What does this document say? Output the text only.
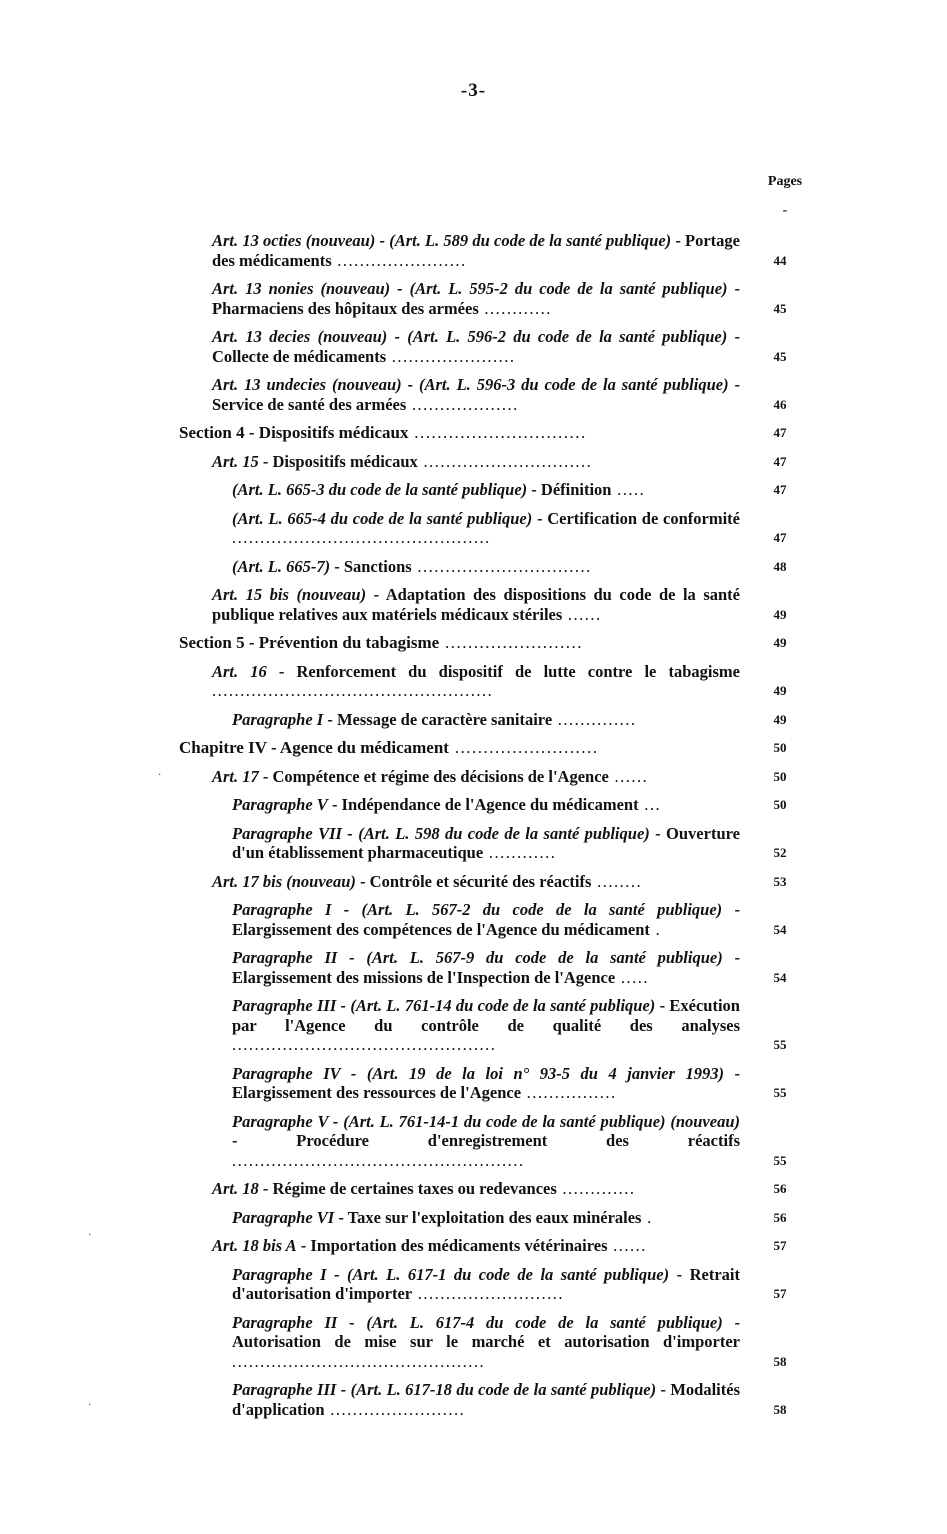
-3-
Pages
-
Art. 13 octies (nouveau) - (Art. L. 589 du code de la santé publique) - Portage des médicaments .......................	44
Art. 13 nonies (nouveau) - (Art. L. 595-2 du code de la santé publique) - Pharmaciens des hôpitaux des armées ............	45
Art. 13 decies (nouveau) - (Art. L. 596-2 du code de la santé publique) - Collecte de médicaments ......................	45
Art. 13 undecies (nouveau) - (Art. L. 596-3 du code de la santé publique) - Service de santé des armées ...................	46
Section 4 - Dispositifs médicaux ..............................	47
Art. 15 - Dispositifs médicaux ..............................	47
(Art. L. 665-3 du code de la santé publique) - Définition .....	47
(Art. L. 665-4 du code de la santé publique) - Certification de conformité ..............................................	47
(Art. L. 665-7) - Sanctions ...............................	48
Art. 15 bis (nouveau) - Adaptation des dispositions du code de la santé publique relatives aux matériels médicaux stériles ......	49
Section 5 - Prévention du tabagisme ........................	49
Art. 16 - Renforcement du dispositif de lutte contre le tabagisme ..................................................	49
Paragraphe I - Message de caractère sanitaire ..............	49
Chapitre IV - Agence du médicament .........................	50
Art. 17 - Compétence et régime des décisions de l'Agence ......	50
Paragraphe V - Indépendance de l'Agence du médicament ...	50
Paragraphe VII - (Art. L. 598 du code de la santé publique) - Ouverture d'un établissement pharmaceutique ............	52
Art. 17 bis (nouveau) - Contrôle et sécurité des réactifs ........	53
Paragraphe I - (Art. L. 567-2 du code de la santé publique) - Elargissement des compétences de l'Agence du médicament .	54
Paragraphe II - (Art. L. 567-9 du code de la santé publique) - Elargissement des missions de l'Inspection de l'Agence .....	54
Paragraphe III - (Art. L. 761-14 du code de la santé publique) - Exécution par l'Agence du contrôle de qualité des analyses ...............................................	55
Paragraphe IV - (Art. 19 de la loi n° 93-5 du 4 janvier 1993) - Elargissement des ressources de l'Agence ................	55
Paragraphe V - (Art. L. 761-14-1 du code de la santé publique) (nouveau) - Procédure d'enregistrement des réactifs ....................................................	55
Art. 18 - Régime de certaines taxes ou redevances .............	56
Paragraphe VI - Taxe sur l'exploitation des eaux minérales .	56
Art. 18 bis A - Importation des médicaments vétérinaires ......	57
Paragraphe I - (Art. L. 617-1 du code de la santé publique) - Retrait d'autorisation d'importer ..........................	57
Paragraphe II - (Art. L. 617-4 du code de la santé publique) - Autorisation de mise sur le marché et autorisation d'importer .............................................	58
Paragraphe III - (Art. L. 617-18 du code de la santé publique) - Modalités d'application ........................	58
·
·
·
